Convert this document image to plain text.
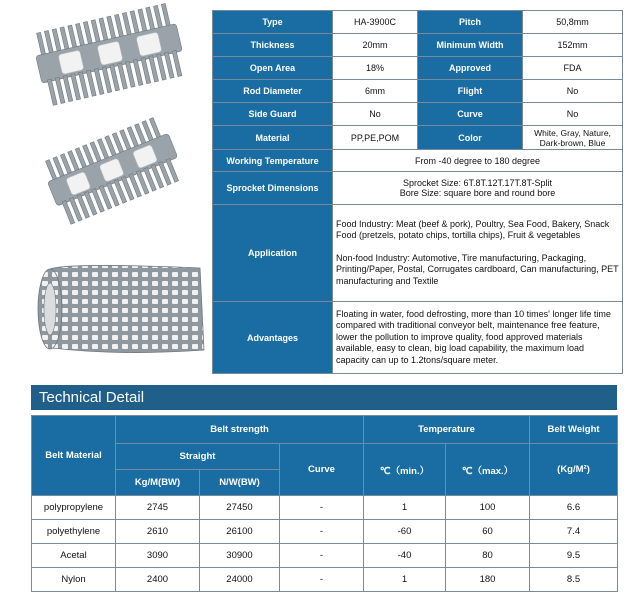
Type	HA-3900C	Pitch	50,8mm
Thickness	20mm	Minimum Width	152mm
Open Area	18%	Approved	FDA
Rod Diameter	6mm	Flight	No
Side Guard	No	Curve	No
Material	PP,PE,POM	Color	White, Gray, Nature, Dark-brown, Blue
Working Temperature	From -40 degree to 180 degree		
Sprocket Dimensions	Sprocket Size: 6T.8T.12T.17T.8T-Split
Bore Size: square bore and round bore		

Application	Food Industry: Meat (beef & pork), Poultry, Sea Food, Bakery, Snack Food (pretzels, potato chips, tortilla chips), Fruit & vegetables
Non-food Industry: Automotive, Tire manufacturing, Packaging, Printing/Paper, Postal, Corrugates cardboard, Can manufacturing, PET manufacturing and Textile		

Advantages	Floating in water, food defrosting, more than 10 times' longer life time compared with traditional conveyor belt, maintenance free feature, lower the pollution to improve quality, food approved materials available, easy to clean, big load capability, the maximum load capacity can up to 1.2tons/square meter.		
Technical Detail
Belt Material	Belt strength			Temperature		Belt Weight
	Straight		Curve	℃（min.）	℃（max.）	(Kg/M²)
	Kg/M(BW)	N/W(BW)				
polypropylene	2745	27450	-	1	100	6.6
polyethylene	2610	26100	-	-60	60	7.4
Acetal	3090	30900	-	-40	80	9.5
Nylon	2400	24000	-	1	180	8.5
